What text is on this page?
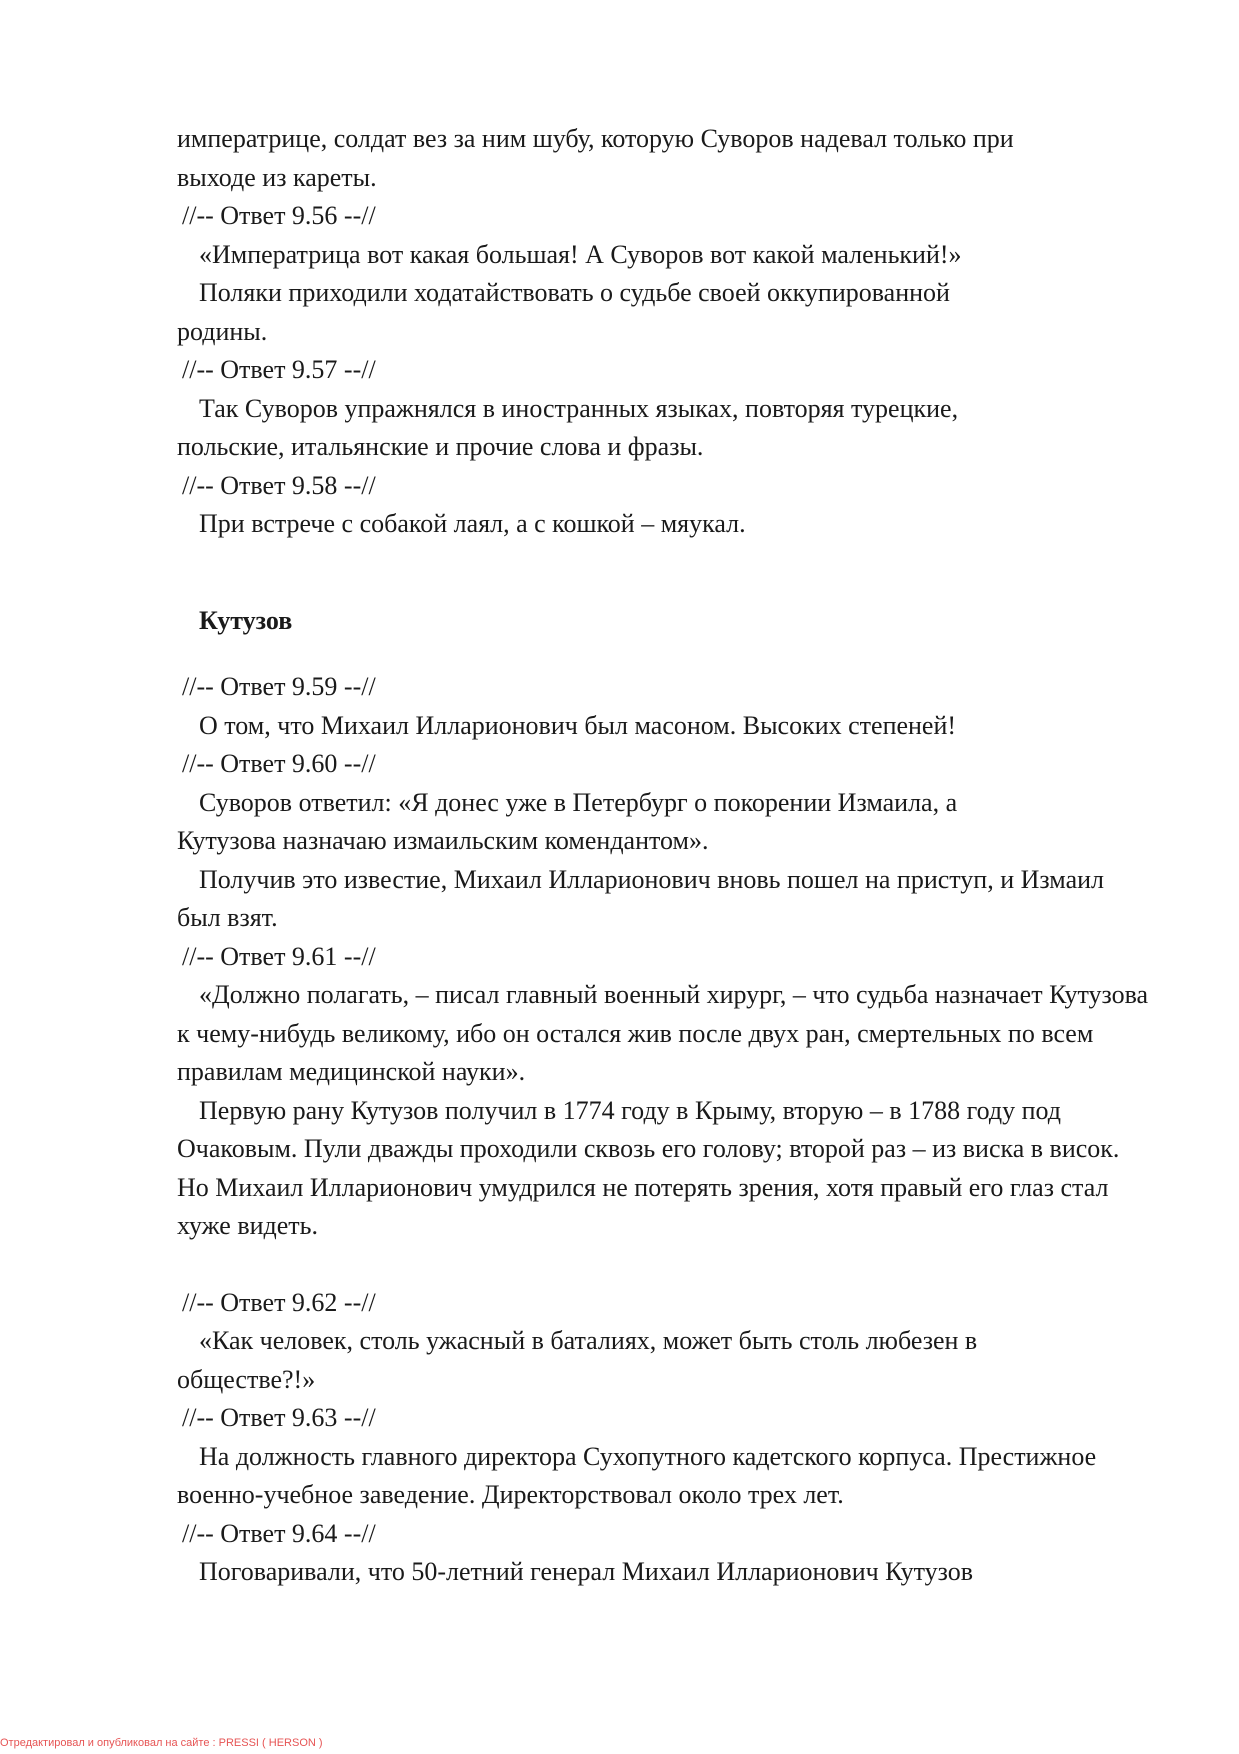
императрице, солдат вез за ним шубу, которую Суворов надевал только при

выходе из кареты.

//-- Ответ 9.56 --//

«Императрица вот какая большая! А Суворов вот какой маленький!»

Поляки приходили ходатайствовать о судьбе своей оккупированной родины.

//-- Ответ 9.57 --//

Так Суворов упражнялся в иностранных языках, повторяя турецкие, польские, итальянские и прочие слова и фразы.

//-- Ответ 9.58 --//

При встрече с собакой лаял, а с кошкой – мяукал.

Кутузов

//-- Ответ 9.59 --//

О том, что Михаил Илларионович был масоном. Высоких степеней!

//-- Ответ 9.60 --//

Суворов ответил: «Я донес уже в Петербург о покорении Измаила, а Кутузова назначаю измаильским комендантом».

Получив это известие, Михаил Илларионович вновь пошел на приступ, и Измаил был взят.

//-- Ответ 9.61 --//

«Должно полагать, – писал главный военный хирург, – что судьба назначает Кутузова к чему-нибудь великому, ибо он остался жив после двух ран, смертельных по всем правилам медицинской науки».

Первую рану Кутузов получил в 1774 году в Крыму, вторую – в 1788 году под Очаковым. Пули дважды проходили сквозь его голову; второй раз – из виска в висок. Но Михаил Илларионович умудрился не потерять зрения, хотя правый его глаз стал хуже видеть.

//-- Ответ 9.62 --//

«Как человек, столь ужасный в баталиях, может быть столь любезен в обществе?!»

//-- Ответ 9.63 --//

На должность главного директора Сухопутного кадетского корпуса. Престижное военно-учебное заведение. Директорствовал около трех лет.

//-- Ответ 9.64 --//

Поговаривали, что 50-летний генерал Михаил Илларионович Кутузов

Отредактировал и опубликовал на сайте : PRESSI ( HERSON )
